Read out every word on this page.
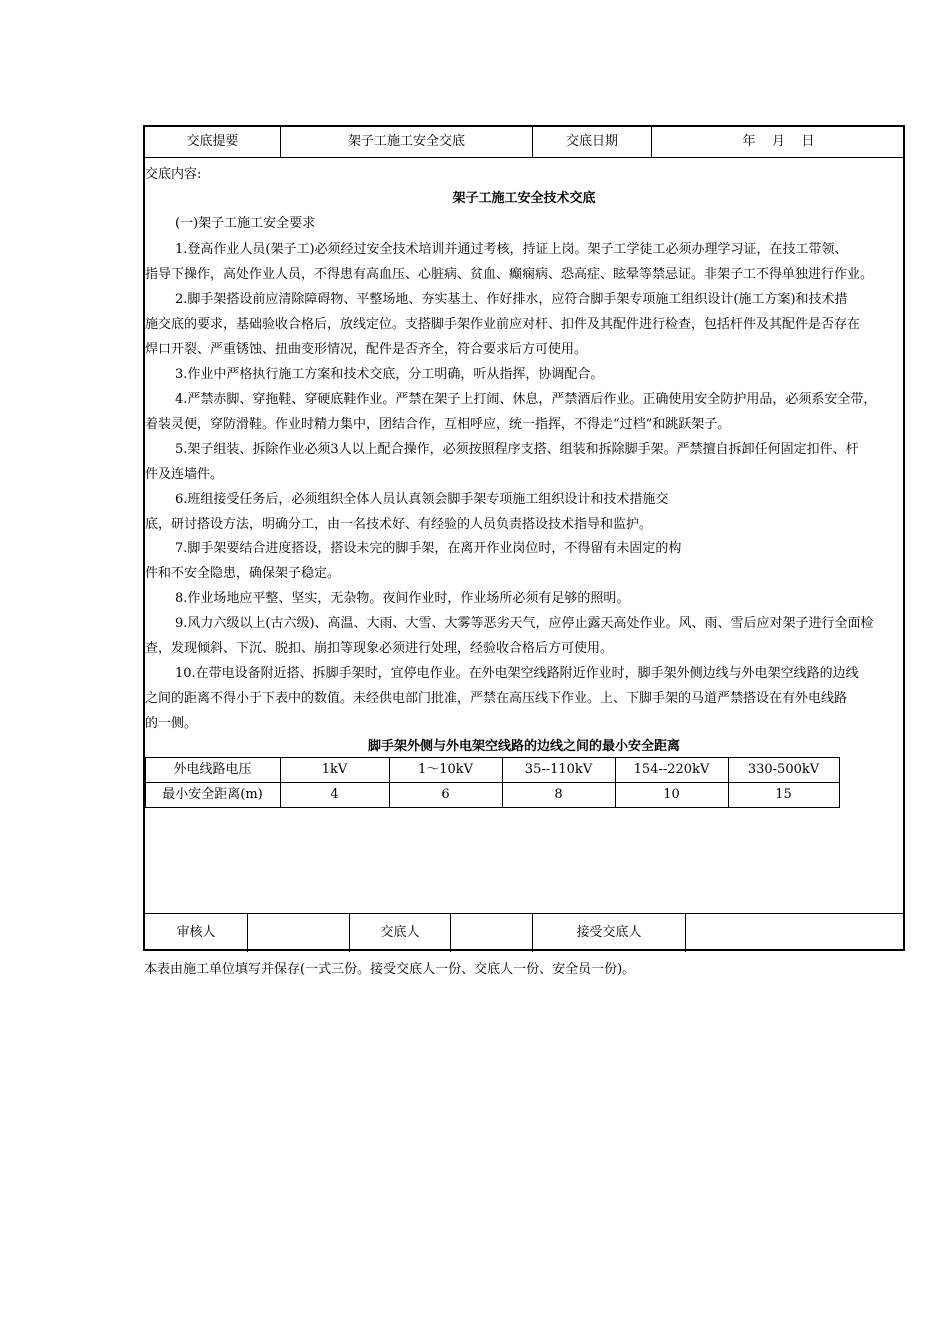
交底提要	架子工施工安全交底	交底日期	年    月    日
交底内容:
架子工施工安全技术交底
(一)架子工施工安全要求
1.登高作业人员(架子工)必须经过安全技术培训并通过考核，持证上岗。架子工学徒工必须办理学习证，在技工带领、
指导下操作，高处作业人员，不得患有高血压、心脏病、贫血、癫痫病、恐高症、眩晕等禁忌证。非架子工不得单独进行作业。
2.脚手架搭设前应清除障碍物、平整场地、夯实基土、作好排水，应符合脚手架专项施工组织设计(施工方案)和技术措
施交底的要求，基础验收合格后，放线定位。支搭脚手架作业前应对杆、扣件及其配件进行检查，包括杆件及其配件是否存在
焊口开裂、严重锈蚀、扭曲变形情况，配件是否齐全，符合要求后方可使用。
3.作业中严格执行施工方案和技术交底，分工明确，听从指挥，协调配合。
4.严禁赤脚、穿拖鞋、穿硬底鞋作业。严禁在架子上打闹、休息，严禁酒后作业。正确使用安全防护用品，必须系安全带，
着装灵便，穿防滑鞋。作业时精力集中，团结合作，互相呼应，统一指挥，不得走“过档”和跳跃架子。
5.架子组装、拆除作业必须3人以上配合操作，必须按照程序支搭、组装和拆除脚手架。严禁擅自拆卸任何固定扣件、杆
件及连墙件。
6.班组接受任务后，必须组织全体人员认真领会脚手架专项施工组织设计和技术措施交
底，研讨搭设方法，明确分工，由一名技术好、有经验的人员负责搭设技术指导和监护。
7.脚手架要结合进度搭设，搭设未完的脚手架，在离开作业岗位时，不得留有未固定的构
件和不安全隐患，确保架子稳定。
8.作业场地应平整、坚实，无杂物。夜间作业时，作业场所必须有足够的照明。
9.风力六级以上(古六级)、高温、大雨、大雪、大雾等恶劣天气，应停止露天高处作业。风、雨、雪后应对架子进行全面检
查，发现倾斜、下沉、脱扣、崩扣等现象必须进行处理，经验收合格后方可使用。
10.在带电设备附近搭、拆脚手架时，宜停电作业。在外电架空线路附近作业时，脚手架外侧边线与外电架空线路的边线
之间的距离不得小于下表中的数值。未经供电部门批准，严禁在高压线下作业。上、下脚手架的马道严禁搭设在有外电线路
的一侧。
脚手架外侧与外电架空线路的边线之间的最小安全距离
外电线路电压	1kV	1～10kV	35--110kV	154--220kV	330-500kV
最小安全距离(m)	4	6	8	10	15
审核人	交底人	接受交底人
本表由施工单位填写并保存(一式三份。接受交底人一份、交底人一份、安全员一份)。
